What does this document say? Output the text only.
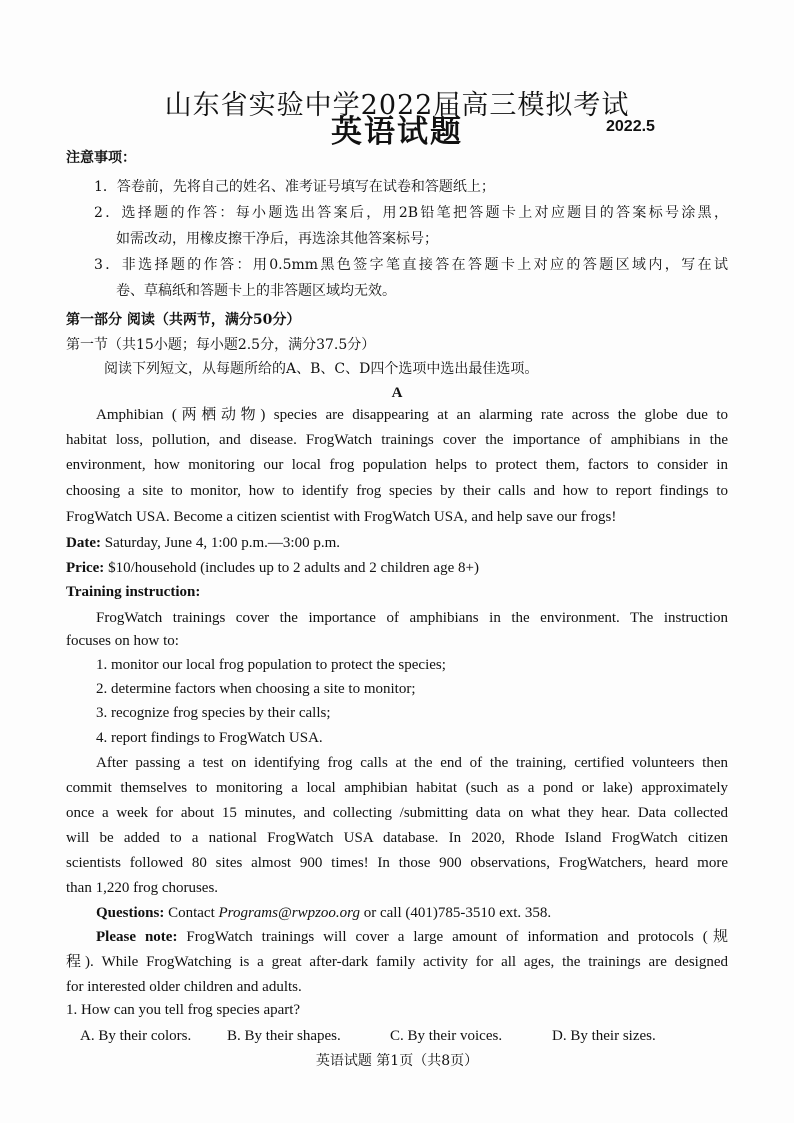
山东省实验中学2022届高三模拟考试
英语试题	2022.5
注意事项：
1．答卷前，先将自己的姓名、准考证号填写在试卷和答题纸上；
2．选择题的作答：每小题选出答案后，用2B铅笔把答题卡上对应题目的答案标号涂黑，
如需改动，用橡皮擦干净后，再选涂其他答案标号；
3．非选择题的作答：用0.5mm黑色签字笔直接答在答题卡上对应的答题区域内，写在试
卷、草稿纸和答题卡上的非答题区域均无效。
第一部分 阅读（共两节，满分50分）
第一节（共15小题；每小题2.5分，满分37.5分）
阅读下列短文，从每题所给的A、B、C、D四个选项中选出最佳选项。
A
Amphibian (两栖动物) species are disappearing at an alarming rate across the globe due to
habitat loss, pollution, and disease. FrogWatch trainings cover the importance of amphibians in the
environment, how monitoring our local frog population helps to protect them, factors to consider in
choosing a site to monitor, how to identify frog species by their calls and how to report findings to
FrogWatch USA. Become a citizen scientist with FrogWatch USA, and help save our frogs!
Date: Saturday, June 4, 1:00 p.m.—3:00 p.m.
Price: $10/household (includes up to 2 adults and 2 children age 8+)
Training instruction:
FrogWatch trainings cover the importance of amphibians in the environment. The instruction
focuses on how to:
1. monitor our local frog population to protect the species;
2. determine factors when choosing a site to monitor;
3. recognize frog species by their calls;
4. report findings to FrogWatch USA.
After passing a test on identifying frog calls at the end of the training, certified volunteers then
commit themselves to monitoring a local amphibian habitat (such as a pond or lake) approximately
once a week for about 15 minutes, and collecting /submitting data on what they hear. Data collected
will be added to a national FrogWatch USA database. In 2020, Rhode Island FrogWatch citizen
scientists followed 80 sites almost 900 times! In those 900 observations, FrogWatchers, heard more
than 1,220 frog choruses.
Questions: Contact Programs@rwpzoo.org or call (401)785-3510 ext. 358.
Please note: FrogWatch trainings will cover a large amount of information and protocols (规
程). While FrogWatching is a great after-dark family activity for all ages, the trainings are designed
for interested older children and adults.
1. How can you tell frog species apart?
A. By their colors. B. By their shapes.	C. By their voices.	D. By their sizes.
英语试题 第1页（共8页）
